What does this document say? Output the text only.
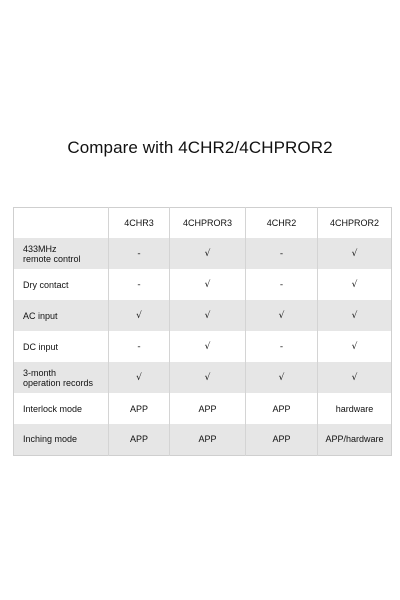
Compare with 4CHR2/4CHPROR2
	4CHR3	4CHPROR3	4CHR2	4CHPROR2
433MHz
remote control	-	√	-	√
Dry contact	-	√	-	√
AC input	√	√	√	√
DC input	-	√	-	√
3-month
operation records	√	√	√	√
Interlock mode	APP	APP	APP	hardware
Inching mode	APP	APP	APP	APP/hardware
